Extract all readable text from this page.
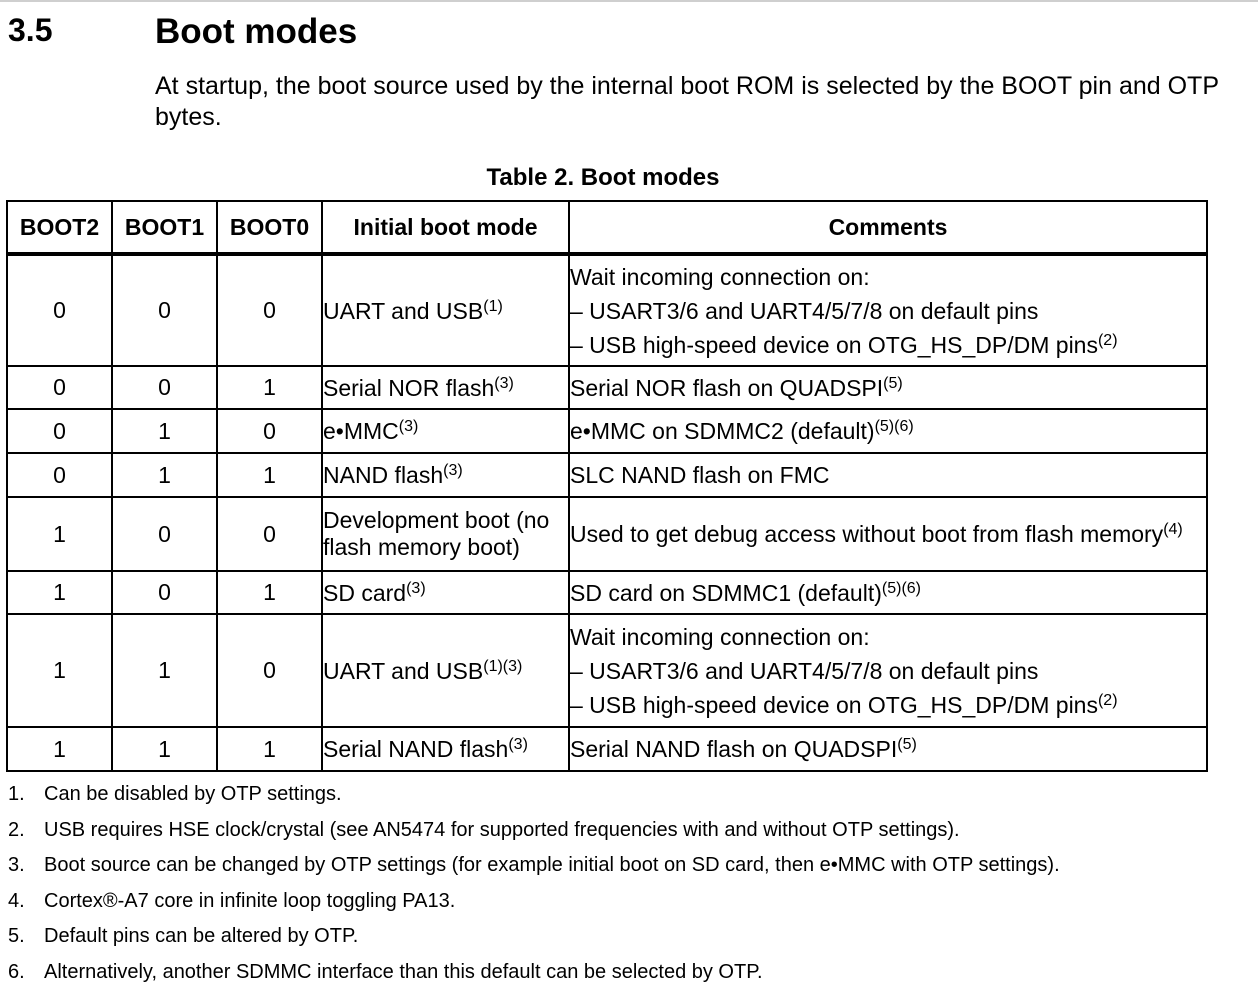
3.5	Boot modes
At startup, the boot source used by the internal boot ROM is selected by the BOOT pin and OTP bytes.
Table 2. Boot modes
BOOT2	BOOT1	BOOT0	Initial boot mode	Comments
0	0	0	UART and USB$^{(1)}$	Wait incoming connection on:
– USART3/6 and UART4/5/7/8 on default pins
– USB high-speed device on OTG_HS_DP/DM pins$^{(2)}$

0	0	1	Serial NOR flash$^{(3)}$	Serial NOR flash on QUADSPI$^{(5)}$

0	1	0	e•MMC$^{(3)}$	e•MMC on SDMMC2 (default)$^{(5)(6)}$

0	1	1	NAND flash$^{(3)}$	SLC NAND flash on FMC

1	0	0	Development boot (no flash memory boot)	Used to get debug access without boot from flash memory$^{(4)}$

1	0	1	SD card$^{(3)}$	SD card on SDMMC1 (default)$^{(5)(6)}$

1	1	0	UART and $USB^{(1)(3)}$	Wait incoming connection on:
– USART3/6 and UART4/5/7/8 on default pins
– USB high-speed device on OTG_HS_DP/DM pins$^{(2)}$

1	1	1	Serial NAND flash$^{(3)}$	Serial NAND flash on QUADSPI$^{(5)}$
1. Can be disabled by OTP settings.
2. USB requires HSE clock/crystal (see AN5474 for supported frequencies with and without OTP settings).
3. Boot source can be changed by OTP settings (for example initial boot on SD card, then e•MMC with OTP settings).
4. Cortex®-A7 core in infinite loop toggling PA13.
5. Default pins can be altered by OTP.
6. Alternatively, another SDMMC interface than this default can be selected by OTP.
